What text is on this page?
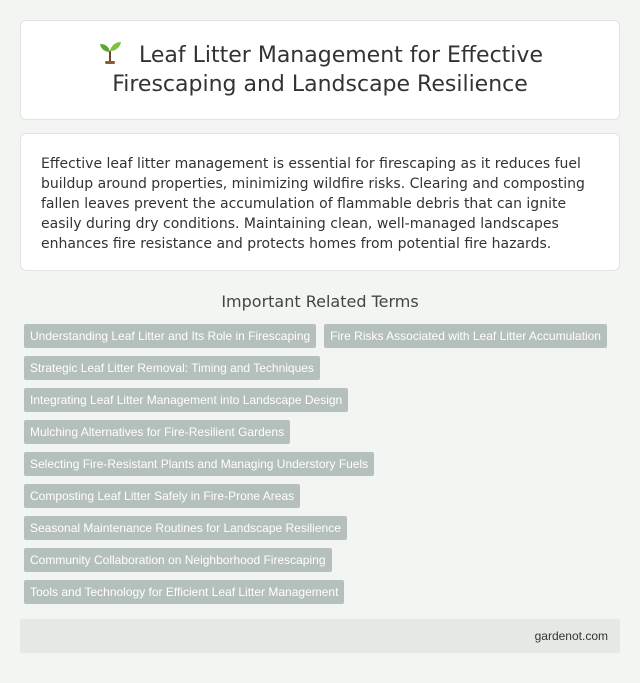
Leaf Litter Management for Effective Firescaping and Landscape Resilience

Effective leaf litter management is essential for firescaping as it reduces fuel buildup around properties, minimizing wildfire risks. Clearing and composting fallen leaves prevent the accumulation of flammable debris that can ignite easily during dry conditions. Maintaining clean, well-managed landscapes enhances fire resistance and protects homes from potential fire hazards.

Important Related Terms
Understanding Leaf Litter and Its Role in Firescaping	Fire Risks Associated with Leaf Litter Accumulation
Strategic Leaf Litter Removal: Timing and Techniques
Integrating Leaf Litter Management into Landscape Design
Mulching Alternatives for Fire-Resilient Gardens
Selecting Fire-Resistant Plants and Managing Understory Fuels
Composting Leaf Litter Safely in Fire-Prone Areas
Seasonal Maintenance Routines for Landscape Resilience
Community Collaboration on Neighborhood Firescaping
Tools and Technology for Efficient Leaf Litter Management
gardenot.com
